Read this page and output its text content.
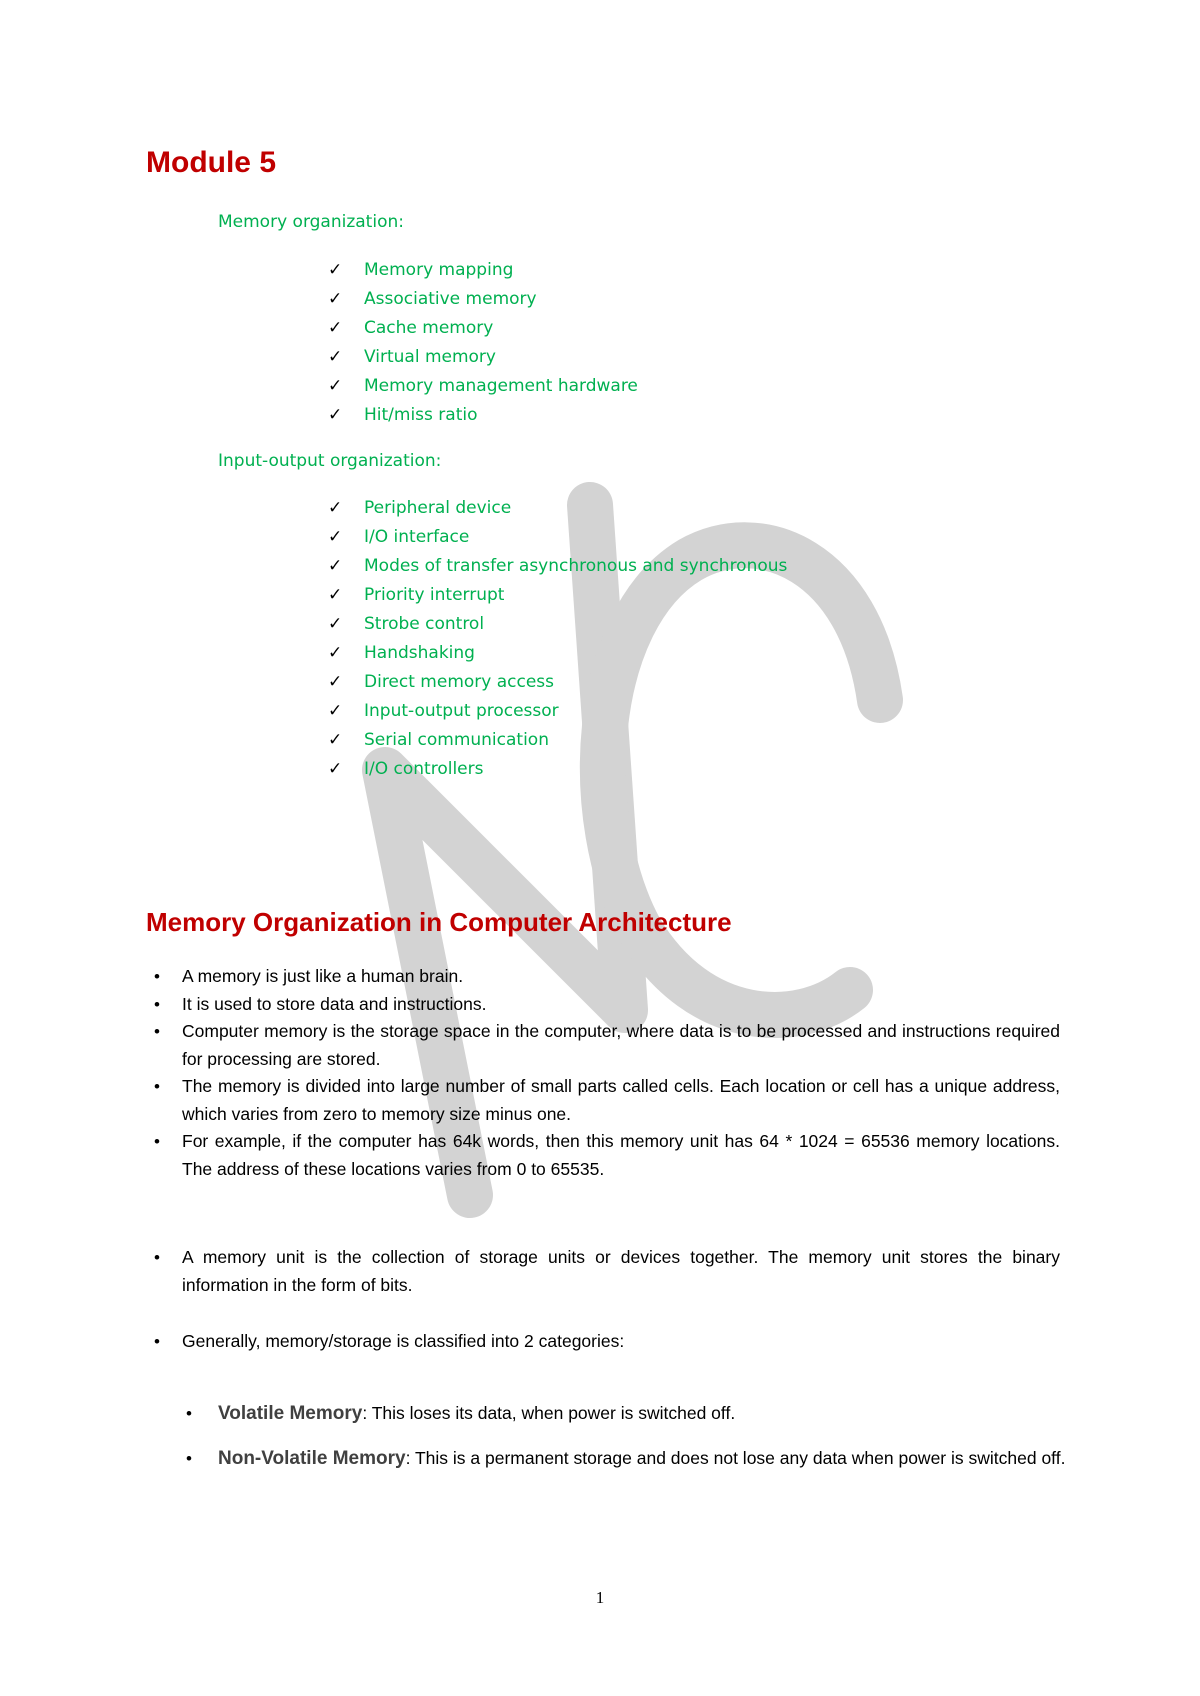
Module 5

Memory organization:

✓ Memory mapping
✓ Associative memory
✓ Cache memory
✓ Virtual memory
✓ Memory management hardware
✓ Hit/miss ratio

Input-output organization:

✓ Peripheral device
✓ I/O interface
✓ Modes of transfer asynchronous and synchronous
✓ Priority interrupt
✓ Strobe control
✓ Handshaking
✓ Direct memory access
✓ Input-output processor
✓ Serial communication
✓ I/O controllers
Memory Organization in Computer Architecture
• A memory is just like a human brain.
• It is used to store data and instructions.
• Computer memory is the storage space in the computer, where data is to be processed and instructions required for processing are stored.
• The memory is divided into large number of small parts called cells. Each location or cell has a unique address, which varies from zero to memory size minus one.
• For example, if the computer has 64k words, then this memory unit has 64 * 1024 = 65536 memory locations. The address of these locations varies from 0 to 65535.
• A memory unit is the collection of storage units or devices together. The memory unit stores the binary information in the form of bits.
• Generally, memory/storage is classified into 2 categories:
• Volatile Memory: This loses its data, when power is switched off.
• Non-Volatile Memory: This is a permanent storage and does not lose any data when power is switched off.
1
